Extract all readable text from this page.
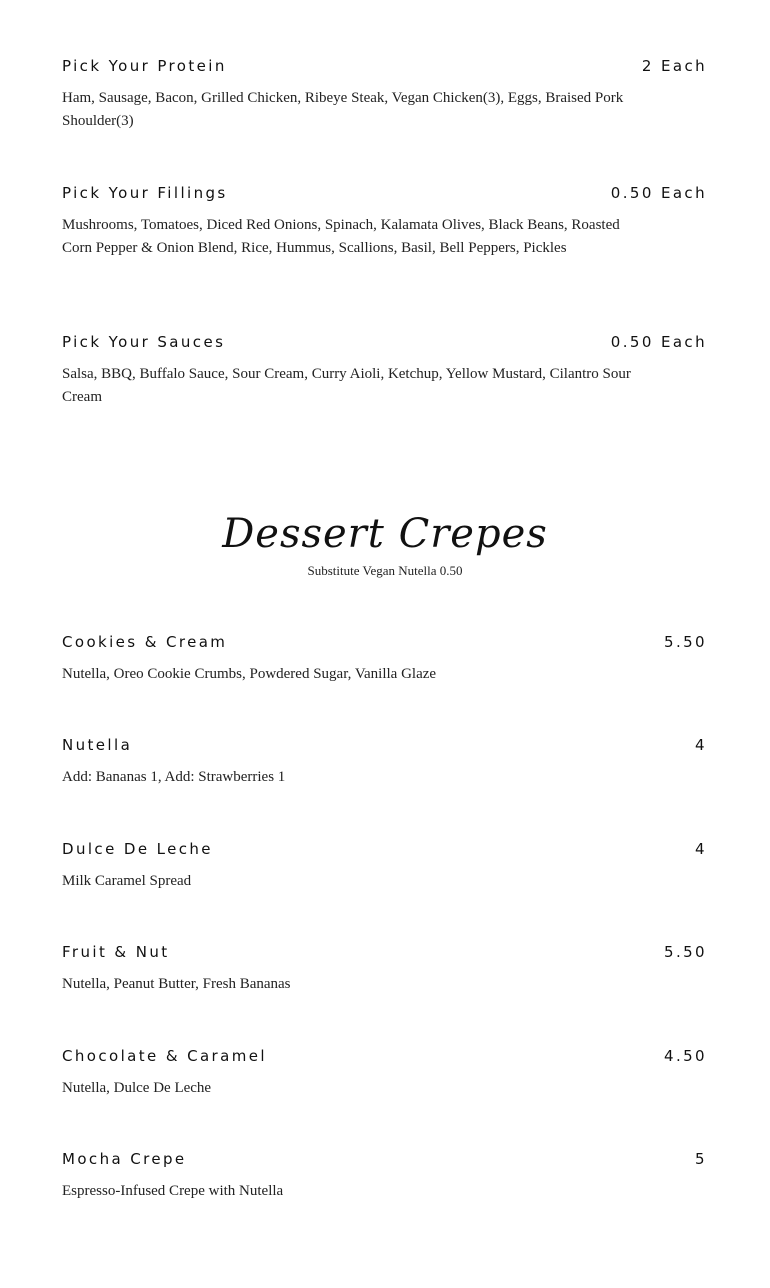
Pick Your Protein	2 Each
Ham, Sausage, Bacon, Grilled Chicken, Ribeye Steak, Vegan Chicken(3), Eggs, Braised Pork Shoulder(3)
Pick Your Fillings	0.50 Each
Mushrooms, Tomatoes, Diced Red Onions, Spinach, Kalamata Olives, Black Beans, Roasted Corn Pepper & Onion Blend, Rice, Hummus, Scallions, Basil, Bell Peppers, Pickles
Pick Your Sauces	0.50 Each
Salsa, BBQ, Buffalo Sauce, Sour Cream, Curry Aioli, Ketchup, Yellow Mustard, Cilantro Sour Cream
Dessert Crepes
Substitute Vegan Nutella 0.50
Cookies & Cream	5.50
Nutella, Oreo Cookie Crumbs, Powdered Sugar, Vanilla Glaze
Nutella	4
Add: Bananas 1, Add: Strawberries 1
Dulce De Leche	4
Milk Caramel Spread
Fruit & Nut	5.50
Nutella, Peanut Butter, Fresh Bananas
Chocolate & Caramel	4.50
Nutella, Dulce De Leche
Mocha Crepe	5
Espresso-Infused Crepe with Nutella
